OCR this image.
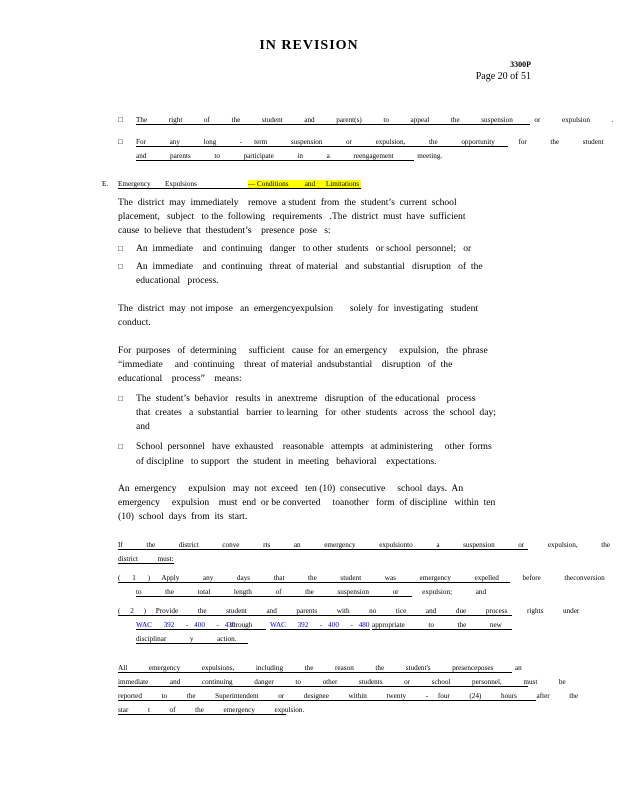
IN REVISION
3300P
Page 20 of 51
□ The  right  of  the  student  and  parent(s)  to  appeal  the  suspension  or  expulsion  .
□ For  any  long  - term  suspension  or  expulsion,  the  opportunity  for  the  student
and  parents  to  participate  in  a  reengagement  meeting.
E. Emergency        Expulsions	— Conditions         and      Limitations
The  district  may  immediately    remove  a student  from  the  student’s  current  school
placement,   subject   to the  following   requirements   .The  district  must  have  sufficient
cause  to believe  that  thestudent’s    presence  pose   s:
□ An  immediate    and  continuing   danger   to other  students   or school  personnel;   or
□ An  immediate    and  continuing   threat  of material   and  substantial   disruption   of  the
educational   process.
The  district  may  not impose   an  emergencyexpulsion       solely  for  investigating   student
conduct.
For  purposes   of  determining     sufficient   cause  for  an emergency     expulsion,   the  phrase
“immediate     and  continuing    threat  of material  andsubstantial    disruption   of  the
educational    process”    means:
□ The  student’s  behavior   results  in  anextreme   disruption  of  the educational   process
that  creates   a  substantial   barrier  to learning   for  other  students   across  the  school  day;
and
□ School  personnel   have  exhausted    reasonable   attempts   at administering     other  forms
of discipline   to support   the  student  in  meeting   behavioral    expectations.
An  emergency     expulsion   may  not  exceed   ten (10)  consecutive     school  days.  An
emergency     expulsion    must  end  or be converted     toanother   form  of discipline   within  ten
(10)  school  days  from  its  start.
If  the  district  conve  rts  an  emergency  expulsionto  a  suspension  or  expulsion,  the
district  must:
( 1 ) Apply  any  days  that  the  student  was  emergency  expelled  before  theconversion
to  the  total  length  of  the  suspension  or  expulsion;  and
( 2 ) Provide  the  student  and  parents  with  no  tice  and  due  process  rights  under
WAC  392  - 400  - 430
through	WAC  392  - 400  - 480 appropriate  to  the  new
disciplinar  y  action.
All  emergency  expulsions,  including  the  reason  the  student's  presenceposes  an
immediate  and  continuing  danger  to  other  students  or  school  personnel,  must  be
reported  to  the  Superintendent  or  designee  within  twenty  - four  (24)  hours  after  the
star  t  of  the  emergency  expulsion.
